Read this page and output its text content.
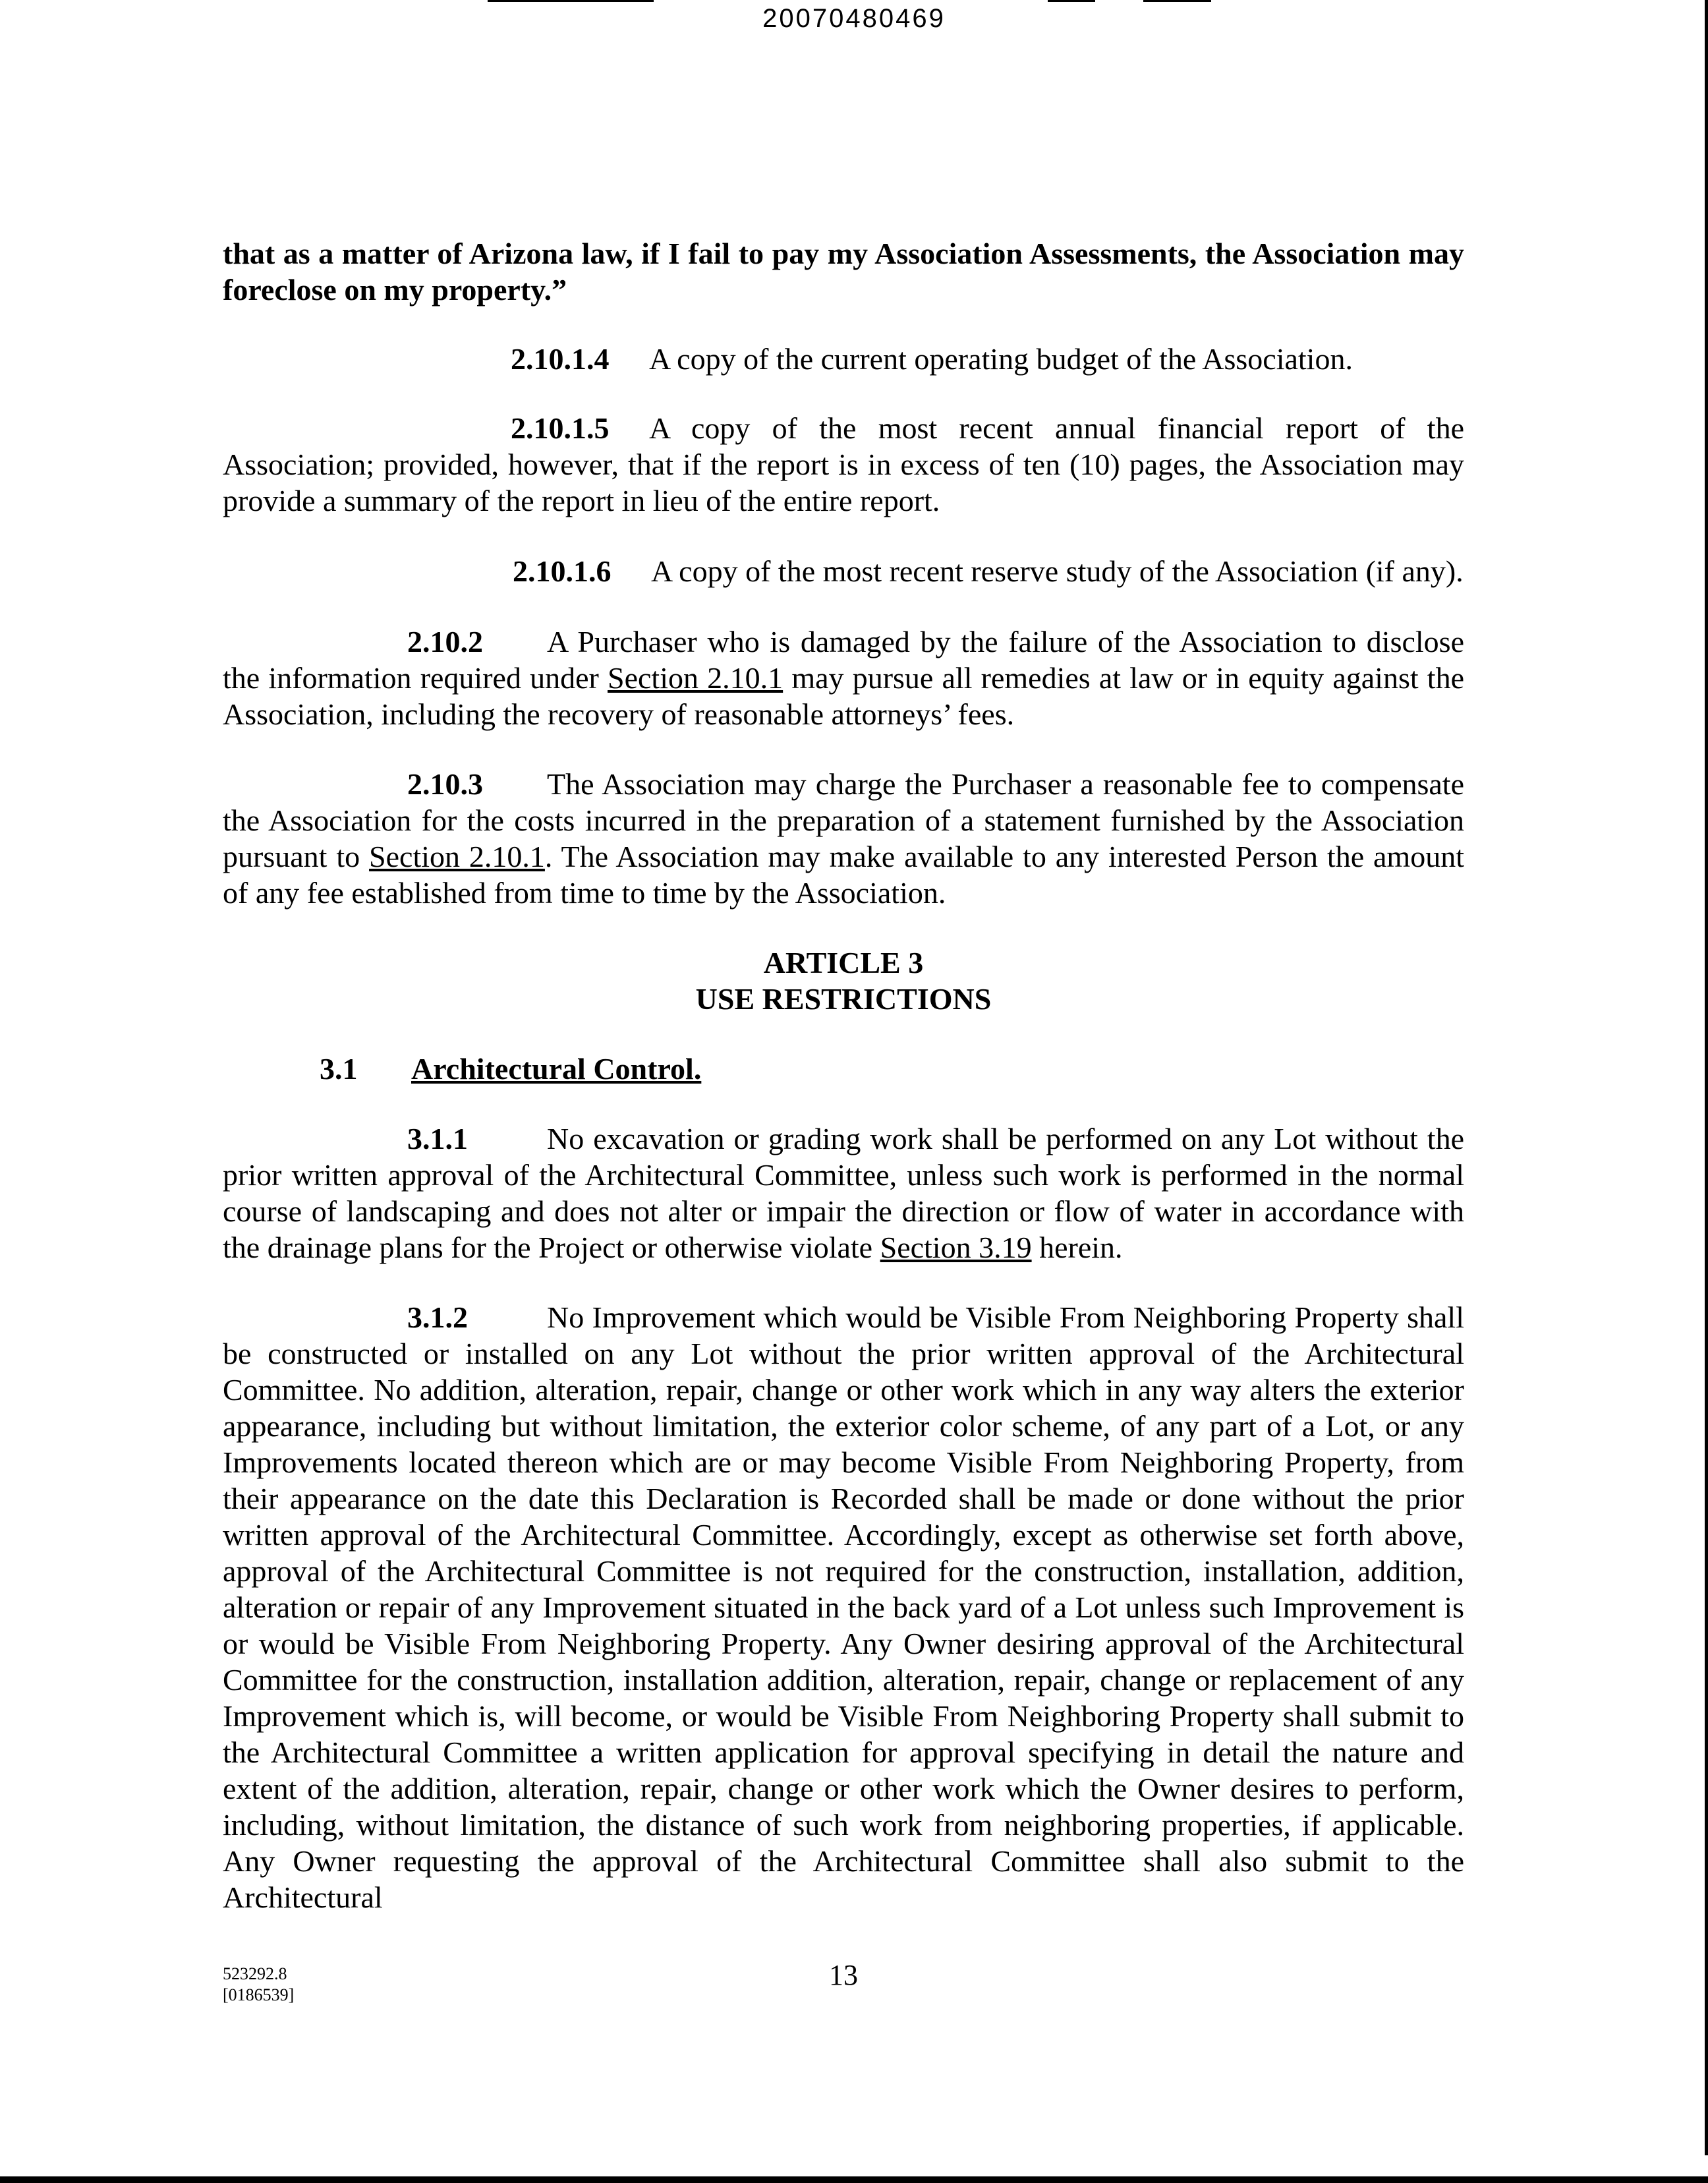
20070480469

that as a matter of Arizona law, if I fail to pay my Association Assessments, the Association may foreclose on my property.”

2.10.1.4 A copy of the current operating budget of the Association.

2.10.1.5 A copy of the most recent annual financial report of the Association; provided, however, that if the report is in excess of ten (10) pages, the Association may provide a summary of the report in lieu of the entire report.

2.10.1.6 A copy of the most recent reserve study of the Association (if any).

2.10.2 A Purchaser who is damaged by the failure of the Association to disclose the information required under Section 2.10.1 may pursue all remedies at law or in equity against the Association, including the recovery of reasonable attorneys’ fees.

2.10.3 The Association may charge the Purchaser a reasonable fee to compensate the Association for the costs incurred in the preparation of a statement furnished by the Association pursuant to Section 2.10.1. The Association may make available to any interested Person the amount of any fee established from time to time by the Association.

ARTICLE 3

USE RESTRICTIONS

3.1 Architectural Control.

3.1.1	No excavation or grading work shall be performed on any Lot without the prior written approval of the Architectural Committee, unless such work is performed in the normal course of landscaping and does not alter or impair the direction or flow of water in accordance with the drainage plans for the Project or otherwise violate Section 3.19 herein.

3.1.2	No Improvement which would be Visible From Neighboring Property shall be constructed or installed on any Lot without the prior written approval of the Architectural Committee. No addition, alteration, repair, change or other work which in any way alters the exterior appearance, including but without limitation, the exterior color scheme, of any part of a Lot, or any Improvements located thereon which are or may become Visible From Neighboring Property, from their appearance on the date this Declaration is Recorded shall be made or done without the prior written approval of the Architectural Committee. Accordingly, except as otherwise set forth above, approval of the Architectural Committee is not required for the construction, installation, addition, alteration or repair of any Improvement situated in the back yard of a Lot unless such Improvement is or would be Visible From Neighboring Property. Any Owner desiring approval of the Architectural Committee for the construction, installation addition, alteration, repair, change or replacement of any Improvement which is, will become, or would be Visible From Neighboring Property shall submit to the Architectural Committee a written application for approval specifying in detail the nature and extent of the addition, alteration, repair, change or other work which the Owner desires to perform, including, without limitation, the distance of such work from neighboring properties, if applicable. Any Owner requesting the approval of the Architectural Committee shall also submit to the Architectural

523292.8
[0186539]
13
